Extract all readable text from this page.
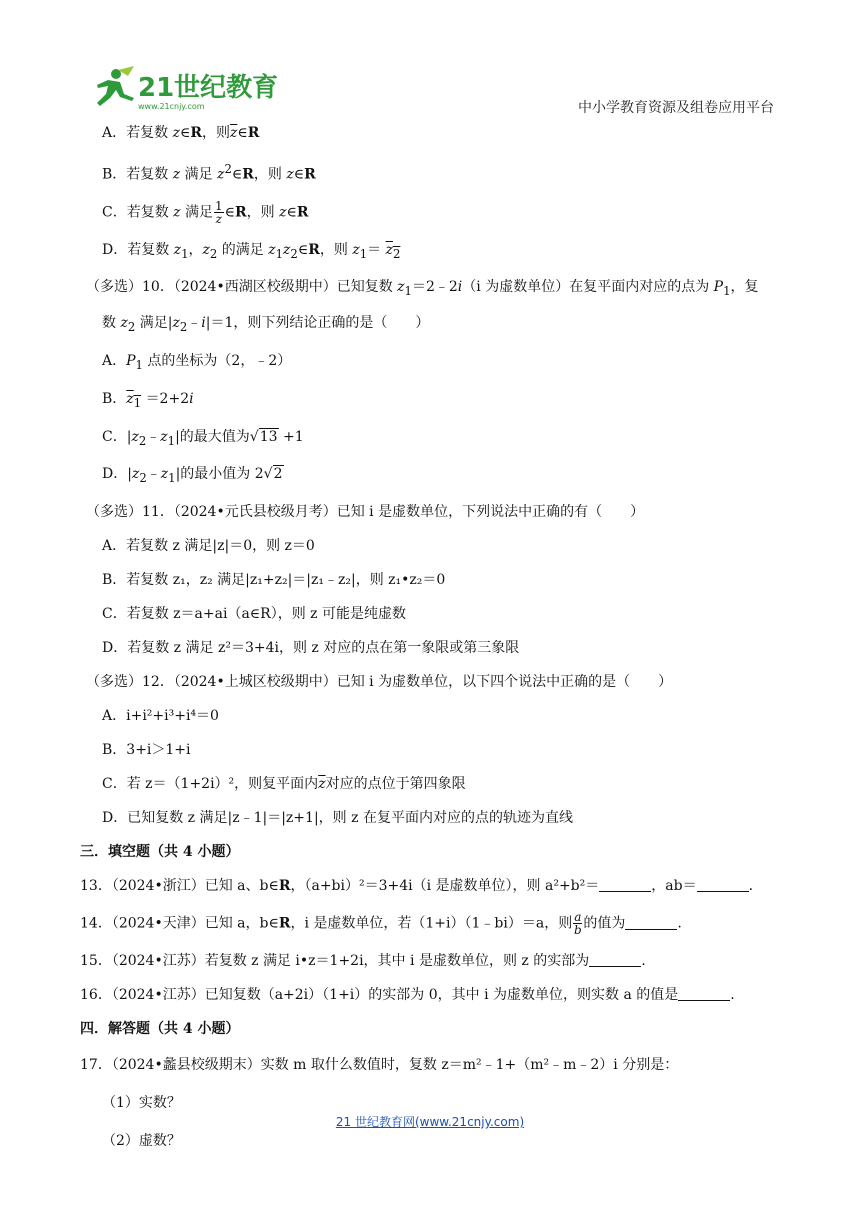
21世纪教育
www.21cnjy.com	中小学教育资源及组卷应用平台

A．若复数 z∈R，则$\overline{z}\in R$

B．若复数 z 满足 $z^2\in R$，则 z∈R

C．若复数 z 满足 $\frac{1}{z}$ ∈R，则 z∈R

D．若复数 $z_1$，$z_2$ 的满足 $z_1z_2\in R$，则 $z_1= z_2$

（多选）10．（2024•西湖区校级期中）已知复数 $z_1=2﹣2i(i$ 为虚数单位）在复平面内对应的点为 $P_1$，复

数 $z_2$ 满足$|z_2﹣i|=1$，则下列结论正确的是（　　）

A．$P_1$ 点的坐标为（2，﹣2）

B．$z_1 =2+2i$

C．$|z_2﹣z_1|$的最大值为√13 +1

D．$|z_2﹣z_1|$的最小值为 2√2

（多选）11．（2024•元氏县校级月考）已知 i 是虚数单位，下列说法中正确的有（　　）

A．若复数 z 满足|z|＝0，则 z＝0

B．若复数 z₁，z₂ 满足|z₁+z₂|＝|z₁﹣z₂|，则 z₁•z₂＝0

C．若复数 z＝a+ai（a∈R），则 z 可能是纯虚数

D．若复数 z 满足 z²＝3+4i，则 z 对应的点在第一象限或第三象限

（多选）12．（2024•上城区校级期中）已知 i 为虚数单位，以下四个说法中正确的是（　　）

A．i+i²+i³+i⁴＝0

B．3+i＞1+i

C．若 z＝（1+2i）²，则复平面内$\overline{z}$对应的点位于第四象限

D．已知复数 z 满足|z﹣1|＝|z+1|，则 z 在复平面内对应的点的轨迹为直线

三．填空题（共 4 小题）

13．（2024•浙江）已知 a、b∈R，（a+bi）²＝3+4i（i 是虚数单位），则 a²+b²＝	，ab＝	.

14．（2024•天津）已知 a，b∈R，i 是虚数单位，若（1+i）（1﹣bi）＝a，则 $\frac{a}{b}$ 的值为	.

15．（2024•江苏）若复数 z 满足 i•z＝1+2i，其中 i 是虚数单位，则 z 的实部为	.

16．（2024•江苏）已知复数（a+2i）（1+i）的实部为 0，其中 i 为虚数单位，则实数 a 的值是	.

四．解答题（共 4 小题）

17．（2024•蠡县校级期末）实数 m 取什么数值时，复数 z＝m²﹣1+（m²﹣m﹣2）i 分别是：

（1）实数？

（2）虚数？

21 世纪教育网(www.21cnjy.com)
